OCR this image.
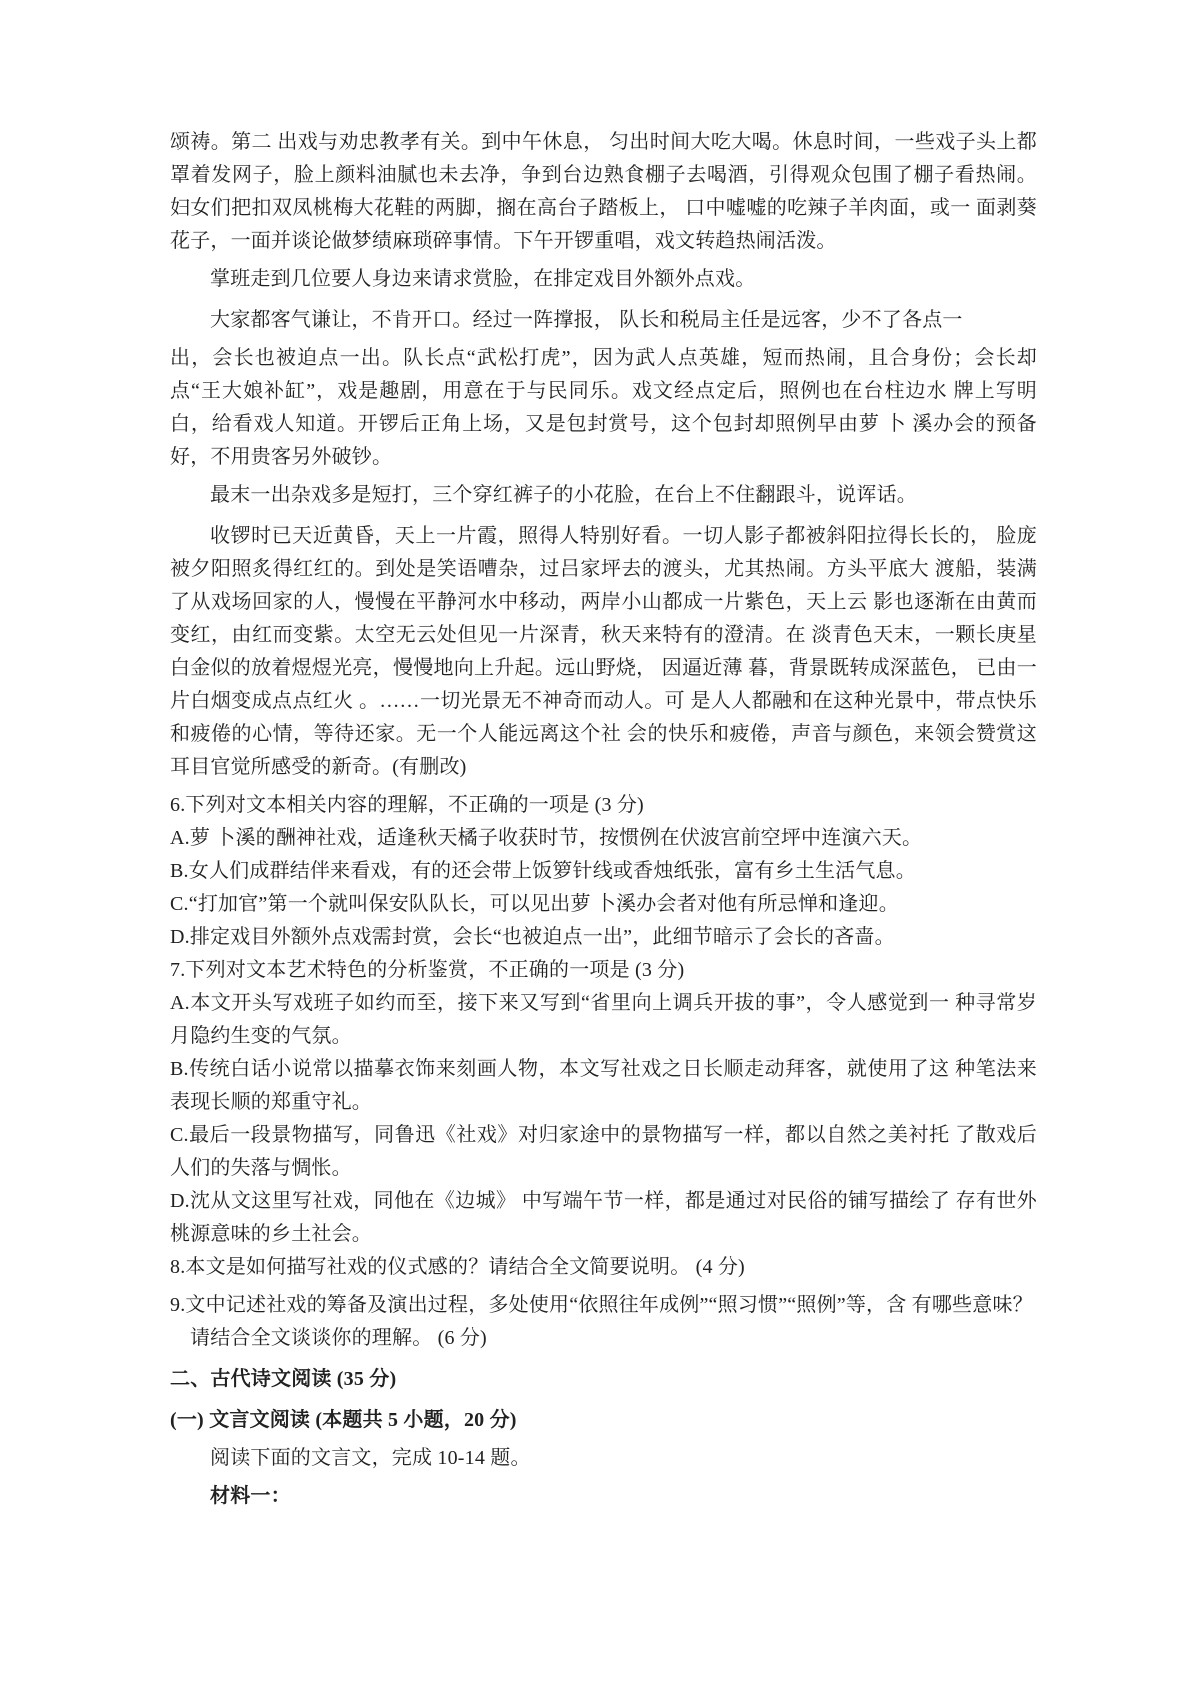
颂祷。第二 出戏与劝忠教孝有关。到中午休息， 匀出时间大吃大喝。休息时间，一些戏子头上都罩着发网子，脸上颜料油腻也未去净，争到台边熟食棚子去喝酒，引得观众包围了棚子看热闹。 妇女们把扣双凤桃梅大花鞋的两脚，搁在高台子踏板上， 口中嘘嘘的吃辣子羊肉面，或一 面剥葵花子，一面并谈论做梦绩麻琐碎事情。下午开锣重唱，戏文转趋热闹活泼。

掌班走到几位要人身边来请求赏脸，在排定戏目外额外点戏。

大家都客气谦让，不肯开口。经过一阵撑报， 队长和税局主任是远客，少不了各点一

出，会长也被迫点一出。队长点“武松打虎”，因为武人点英雄，短而热闹，且合身份；会长却点“王大娘补缸”，戏是趣剧，用意在于与民同乐。戏文经点定后，照例也在台柱边水 牌上写明白，给看戏人知道。开锣后正角上场，又是包封赏号，这个包封却照例早由萝 卜 溪办会的预备好，不用贵客另外破钞。

最末一出杂戏多是短打，三个穿红裤子的小花脸，在台上不住翻跟斗，说诨话。

收锣时已天近黄昏，天上一片霞，照得人特别好看。一切人影子都被斜阳拉得长长的， 脸庞被夕阳照炙得红红的。到处是笑语嘈杂，过吕家坪去的渡头，尤其热闹。方头平底大 渡船，装满了从戏场回家的人，慢慢在平静河水中移动，两岸小山都成一片紫色，天上云 影也逐渐在由黄而变红，由红而变紫。太空无云处但见一片深青，秋天来特有的澄清。在 淡青色天末，一颗长庚星白金似的放着煜煜光亮，慢慢地向上升起。远山野烧， 因逼近薄 暮，背景既转成深蓝色， 已由一片白烟变成点点红火 。……一切光景无不神奇而动人。可 是人人都融和在这种光景中，带点快乐和疲倦的心情，等待还家。无一个人能远离这个社 会的快乐和疲倦，声音与颜色，来领会赞赏这耳目官觉所感受的新奇。(有删改)

6.下列对文本相关内容的理解，不正确的一项是 (3 分)

A.萝 卜溪的酬神社戏，适逢秋天橘子收获时节，按惯例在伏波宫前空坪中连演六天。

B.女人们成群结伴来看戏，有的还会带上饭箩针线或香烛纸张，富有乡土生活气息。

C.“打加官”第一个就叫保安队队长，可以见出萝 卜溪办会者对他有所忌惮和逢迎。

D.排定戏目外额外点戏需封赏，会长“也被迫点一出”，此细节暗示了会长的吝啬。

7.下列对文本艺术特色的分析鉴赏，不正确的一项是 (3 分)

A.本文开头写戏班子如约而至，接下来又写到“省里向上调兵开拔的事”，令人感觉到一 种寻常岁月隐约生变的气氛。

B.传统白话小说常以描摹衣饰来刻画人物，本文写社戏之日长顺走动拜客，就使用了这 种笔法来表现长顺的郑重守礼。

C.最后一段景物描写，同鲁迅《社戏》对归家途中的景物描写一样，都以自然之美衬托 了散戏后人们的失落与惆怅。

D.沈从文这里写社戏，同他在《边城》 中写端午节一样，都是通过对民俗的铺写描绘了 存有世外桃源意味的乡土社会。

8.本文是如何描写社戏的仪式感的？请结合全文简要说明。 (4 分)

9.文中记述社戏的筹备及演出过程，多处使用“依照往年成例”“照习惯”“照例”等，含 有哪些意味？

请结合全文谈谈你的理解。 (6 分)

二、古代诗文阅读 (35 分)

(一) 文言文阅读 (本题共 5 小题，20 分)

阅读下面的文言文，完成 10-14 题。

材料一：
